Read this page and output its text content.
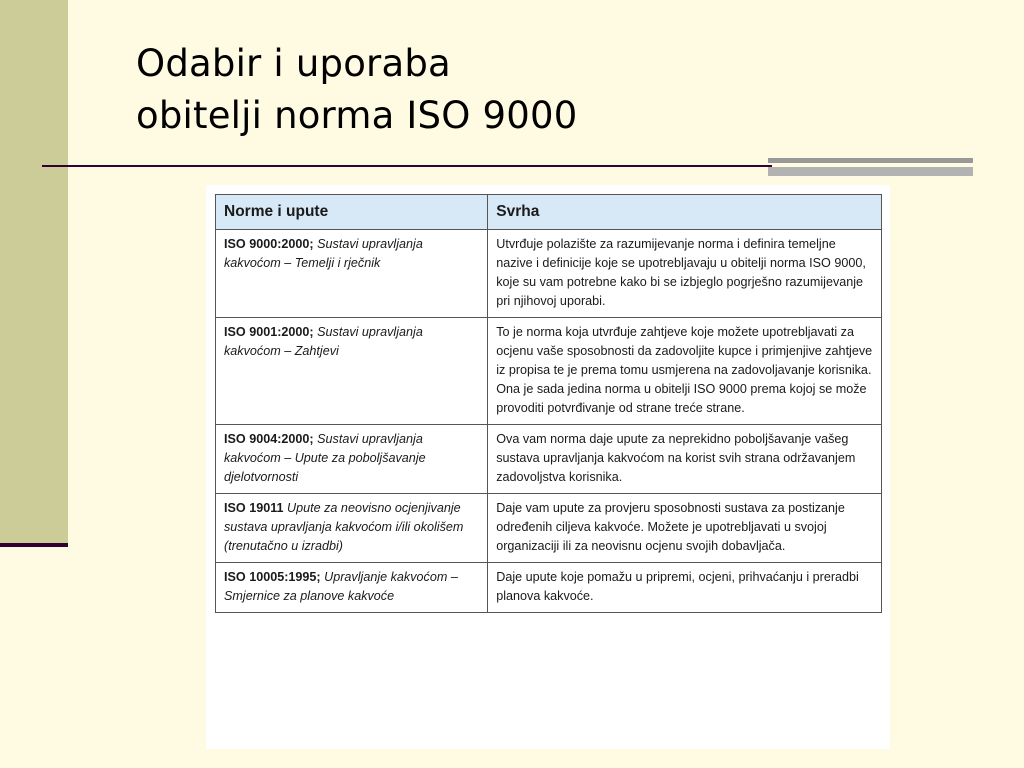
Odabir i uporaba
obitelji norma ISO 9000
Norme i upute	Svrha
ISO 9000:2000; Sustavi upravljanja kakvoćom – Temelji i rječnik	Utvrđuje polazište za razumijevanje norma i definira temeljne nazive i definicije koje se upotrebljavaju u obitelji norma ISO 9000, koje su vam potrebne kako bi se izbjeglo pogrješno razumijevanje pri njihovoj uporabi.
ISO 9001:2000; Sustavi upravljanja kakvoćom – Zahtjevi	To je norma koja utvrđuje zahtjeve koje možete upotrebljavati za ocjenu vaše sposobnosti da zadovoljite kupce i primjenjive zahtjeve iz propisa te je prema tomu usmjerena na zadovoljavanje korisnika. Ona je sada jedina norma u obitelji ISO 9000 prema kojoj se može provoditi potvrđivanje od strane treće strane.
ISO 9004:2000; Sustavi upravljanja kakvoćom – Upute za poboljšavanje djelotvornosti	Ova vam norma daje upute za neprekidno poboljšavanje vašeg sustava upravljanja kakvoćom na korist svih strana održavanjem zadovoljstva korisnika.
ISO 19011 Upute za neovisno ocjenjivanje sustava upravljanja kakvoćom i/ili okolišem (trenutačno u izradbi)	Daje vam upute za provjeru sposobnosti sustava za postizanje određenih ciljeva kakvoće. Možete je upotrebljavati u svojoj organizaciji ili za neovisnu ocjenu svojih dobavljača.
ISO 10005:1995; Upravljanje kakvoćom – Smjernice za planove kakvoće	Daje upute koje pomažu u pripremi, ocjeni, prihvaćanju i preradbi planova kakvoće.
